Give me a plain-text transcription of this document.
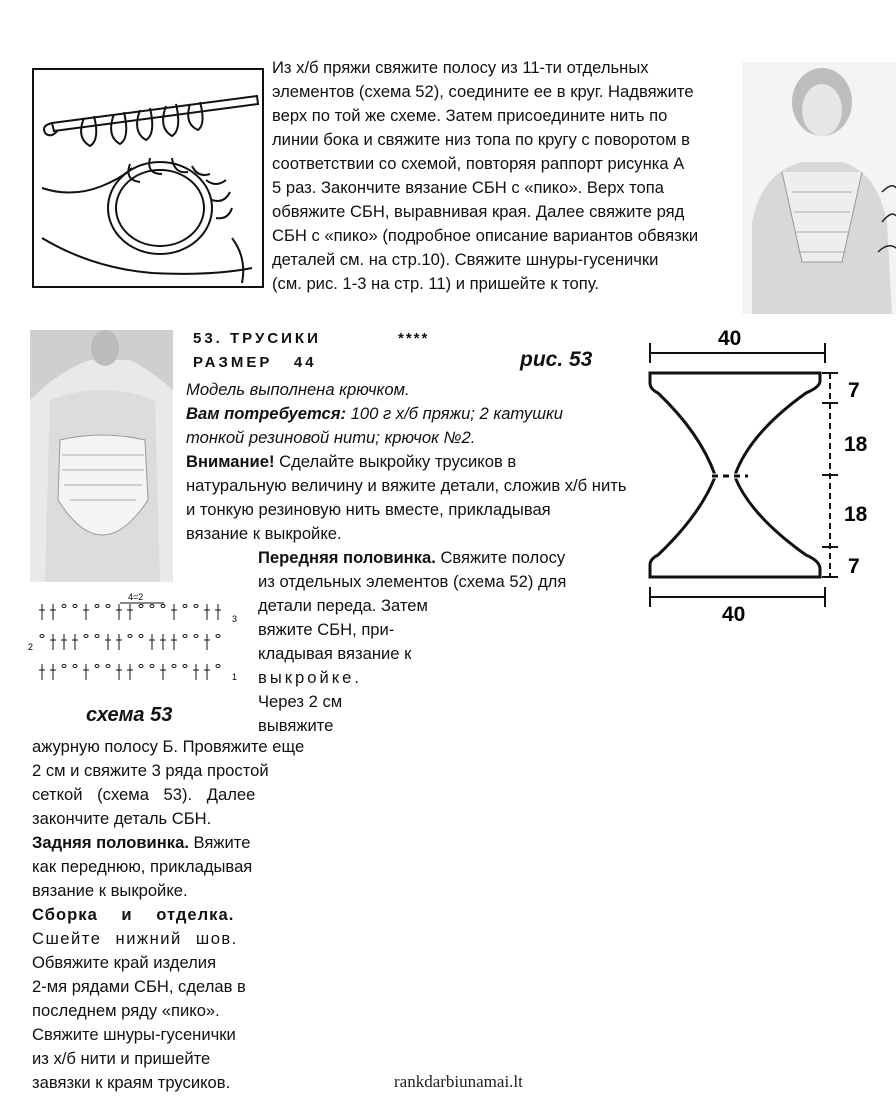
Из х/б пряжи свяжите полосу из 11-ти отдельных

элементов (схема 52), соедините ее в круг. Надвяжите

верх по той же схеме. Затем присоедините нить по

линии бока и свяжите низ топа по кругу с поворотом в

соответствии со схемой, повторяя раппорт рисунка А

5 раз. Закончите вязание СБН с «пико». Верх топа

обвяжите СБН, выравнивая края. Далее свяжите ряд

СБН с «пико» (подробное описание вариантов обвязки

деталей см. на стр.10). Свяжите шнуры-гусенички

(см. рис. 1-3 на стр. 11) и пришейте к топу.

53. ТРУСИКИ	****
РАЗМЕР   44	рис. 53

Модель выполнена крючком.

Вам потребуется: 100 г х/б пряжи; 2 катушки

тонкой резиновой нити; крючок №2.

Внимание! Сделайте выкройку трусиков в

натуральную величину и вяжите детали, сложив х/б нить

и тонкую резиновую нить вместе, прикладывая

вязание к выкройке.

Передняя половинка. Свяжите полосу

из отдельных элементов (схема 52) для

детали переда. Затем

вяжите СБН, при-

кладывая вязание к

выкройке.

Через 2 см

вывяжите

4=2
3
2
1
схема 53

ажурную полосу Б. Провяжите еще

2 см и свяжите 3 ряда простой

сеткой (схема 53). Далее

закончите деталь СБН.

Задняя половинка. Вяжите

как переднюю, прикладывая

вязание к выкройке.

Сборка и отделка.

Сшейте нижний шов.

Обвяжите край изделия

2-мя рядами СБН, сделав в

последнем ряду «пико».

Свяжите шнуры-гусенички

из х/б нити и пришейте

завязки к краям трусиков.

40
40
7
18
18
7
rankdarbiunamai.lt
